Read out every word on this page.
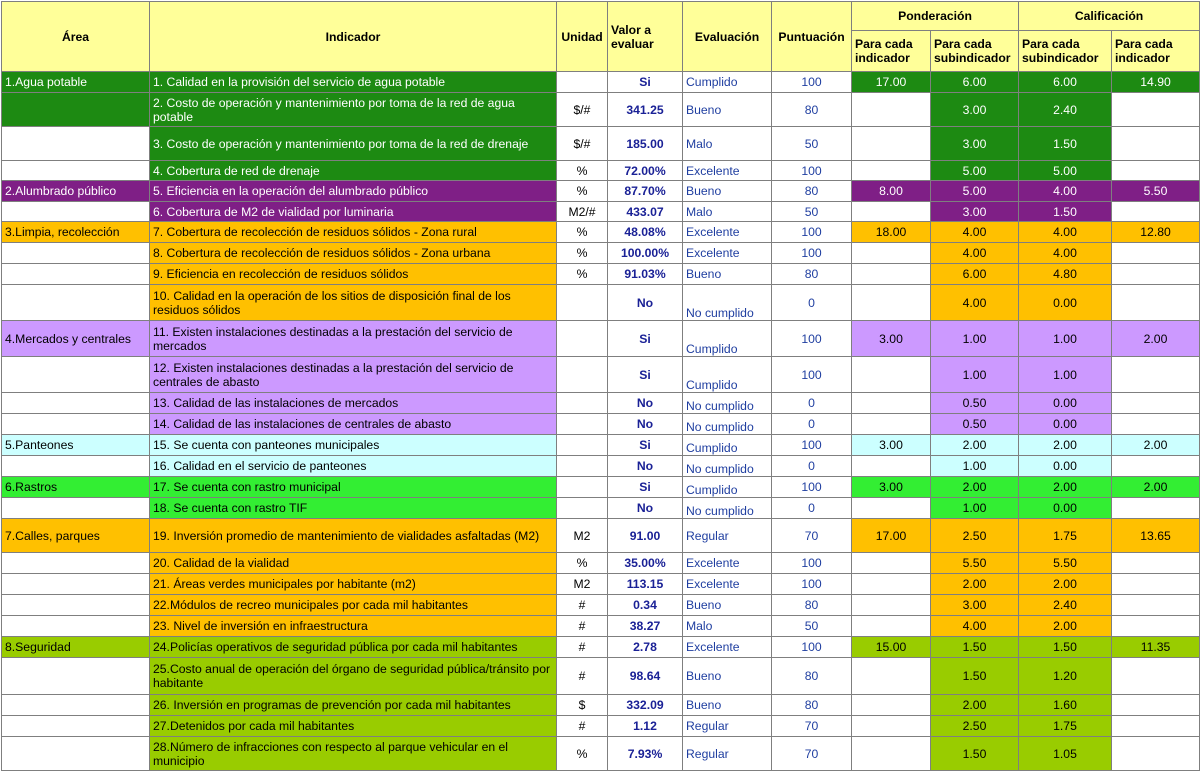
Área	Indicador	Unidad	Valor a evaluar	Evaluación	Puntuación	Ponderación		Calificación	
						Para cada indicador	Para cada subindicador	Para cada subindicador	Para cada indicador
1.Agua potable	1. Calidad en la provisión del servicio de agua potable		Si	Cumplido	100	17.00	6.00	6.00	14.90
	2. Costo de operación y mantenimiento por toma de la red de agua potable	$/#	341.25	Bueno	80		3.00	2.40	
	3. Costo de operación y mantenimiento por toma de la red de drenaje	$/#	185.00	Malo	50		3.00	1.50	
	4. Cobertura de red de drenaje	%	72.00%	Excelente	100		5.00	5.00	
2.Alumbrado público	5. Eficiencia en la operación del alumbrado público	%	87.70%	Bueno	80	8.00	5.00	4.00	5.50
	6. Cobertura de M2 de vialidad por luminaria	M2/#	433.07	Malo	50		3.00	1.50	
3.Limpia, recolección	7. Cobertura de recolección de residuos sólidos - Zona rural	%	48.08%	Excelente	100	18.00	4.00	4.00	12.80
	8. Cobertura de recolección de residuos sólidos - Zona urbana	%	100.00%	Excelente	100		4.00	4.00	
	9. Eficiencia en recolección de residuos sólidos	%	91.03%	Bueno	80		6.00	4.80	
	10. Calidad en la operación de los sitios de disposición final de los residuos sólidos		No	No cumplido	0		4.00	0.00	
4.Mercados y centrales	11. Existen instalaciones destinadas a la prestación del servicio de mercados		Si	Cumplido	100	3.00	1.00	1.00	2.00
	12. Existen instalaciones destinadas a la prestación del servicio de centrales de abasto		Si	Cumplido	100		1.00	1.00	
	13. Calidad de las instalaciones de mercados		No	No cumplido	0		0.50	0.00	
	14. Calidad de las instalaciones de centrales de abasto		No	No cumplido	0		0.50	0.00	
5.Panteones	15. Se cuenta con panteones municipales		Si	Cumplido	100	3.00	2.00	2.00	2.00
	16. Calidad en el servicio de panteones		No	No cumplido	0		1.00	0.00	
6.Rastros	17. Se cuenta con rastro municipal		Si	Cumplido	100	3.00	2.00	2.00	2.00
	18. Se cuenta con rastro TIF		No	No cumplido	0		1.00	0.00	
7.Calles, parques	19. Inversión promedio de mantenimiento de vialidades asfaltadas (M2)	M2	91.00	Regular	70	17.00	2.50	1.75	13.65
	20. Calidad de la vialidad	%	35.00%	Excelente	100		5.50	5.50	
	21. Áreas verdes municipales por habitante (m2)	M2	113.15	Excelente	100		2.00	2.00	
	22.Módulos de recreo municipales por cada mil habitantes	#	0.34	Bueno	80		3.00	2.40	
	23. Nivel de inversión en infraestructura	#	38.27	Malo	50		4.00	2.00	
8.Seguridad	24.Policías operativos de seguridad pública por cada mil habitantes	#	2.78	Excelente	100	15.00	1.50	1.50	11.35
	25.Costo anual de operación del órgano de seguridad pública/tránsito por habitante	#	98.64	Bueno	80		1.50	1.20	
	26. Inversión en programas de prevención por cada mil habitantes	$	332.09	Bueno	80		2.00	1.60	
	27.Detenidos por cada mil habitantes	#	1.12	Regular	70		2.50	1.75	
	28.Número de infracciones con respecto al parque vehicular en el municipio	%	7.93%	Regular	70		1.50	1.05	
